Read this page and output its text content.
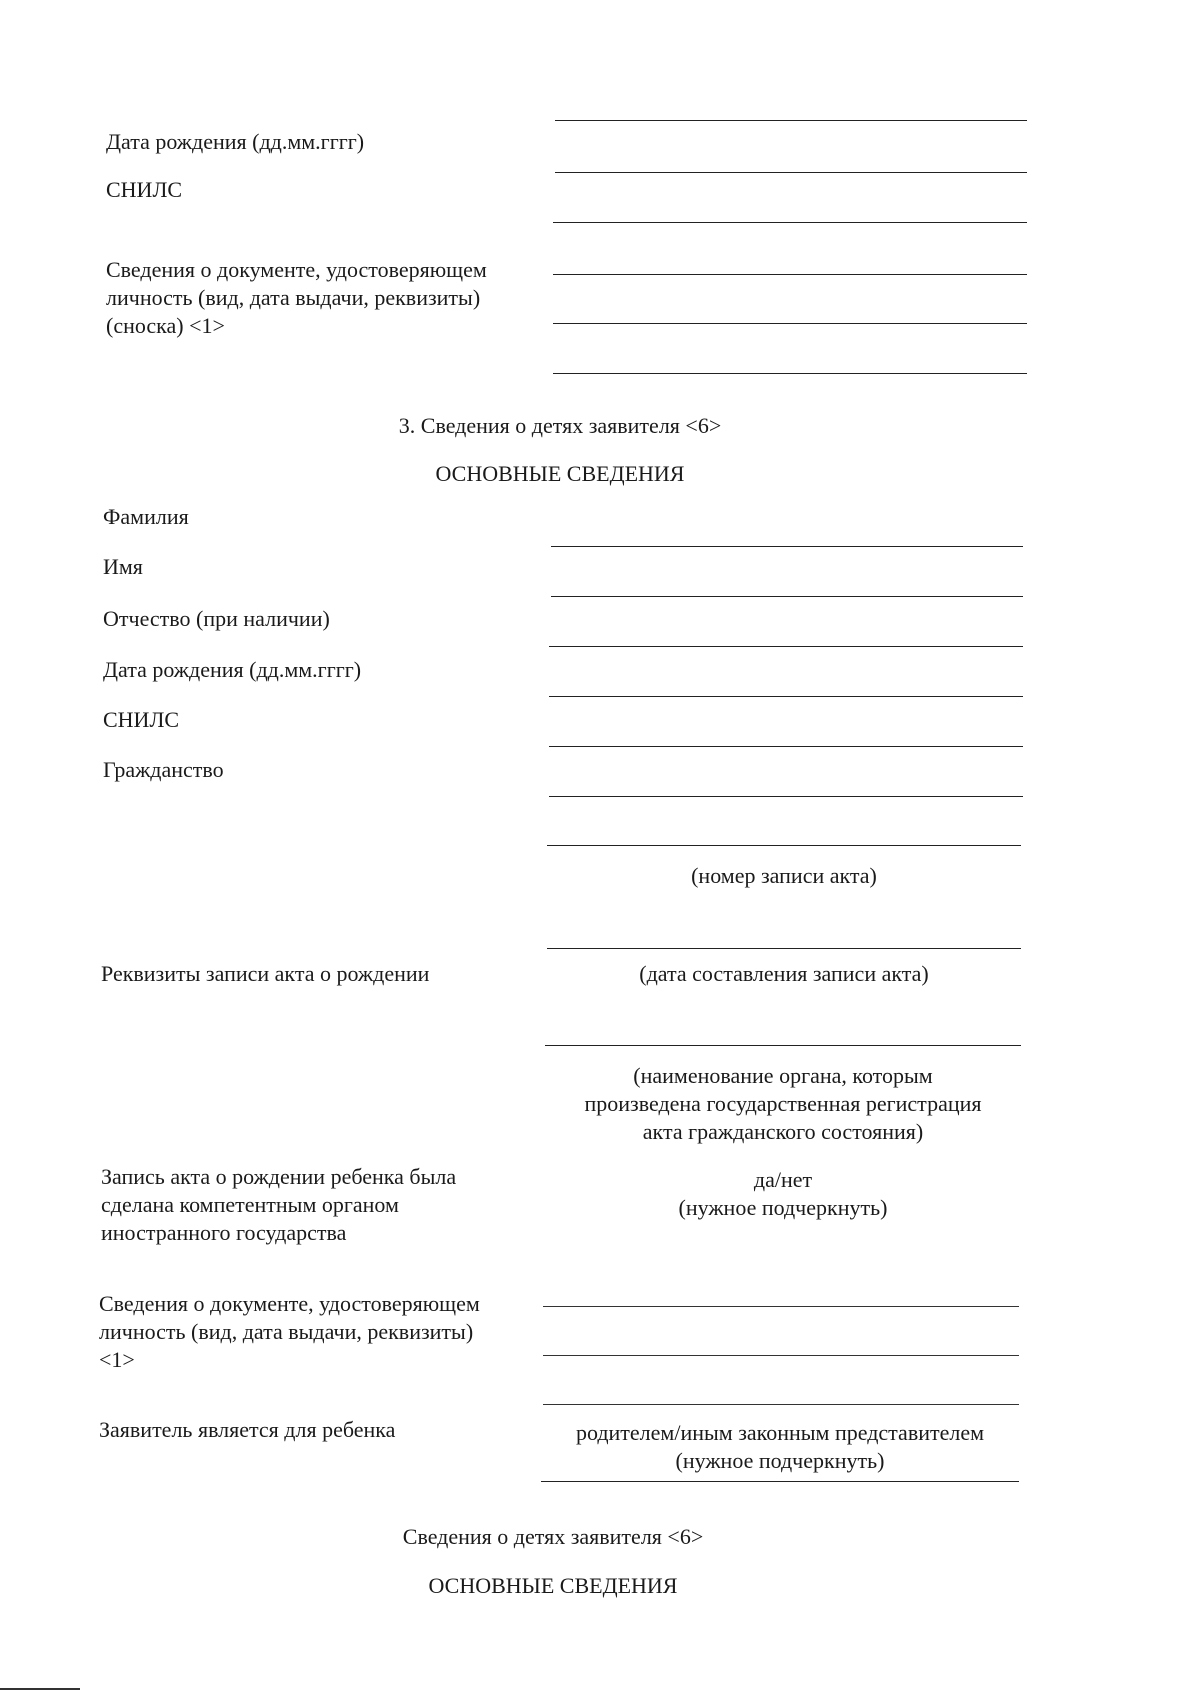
Дата рождения (дд.мм.гггг)
СНИЛС
Сведения о документе, удостоверяющем
личность (вид, дата выдачи, реквизиты)
(сноска) <1>
3. Сведения о детях заявителя <6>
ОСНОВНЫЕ СВЕДЕНИЯ
Фамилия
Имя
Отчество (при наличии)
Дата рождения (дд.мм.гггг)
СНИЛС
Гражданство
(номер записи акта)
Реквизиты записи акта о рождении	(дата составления записи акта)
(наименование органа, которым
произведена государственная регистрация
акта гражданского состояния)
Запись акта о рождении ребенка была
сделана компетентным органом
иностранного государства
да/нет
(нужное подчеркнуть)
Сведения о документе, удостоверяющем
личность (вид, дата выдачи, реквизиты)
<1>
Заявитель является для ребенка	родителем/иным законным представителем
(нужное подчеркнуть)
Сведения о детях заявителя <6>
ОСНОВНЫЕ СВЕДЕНИЯ
